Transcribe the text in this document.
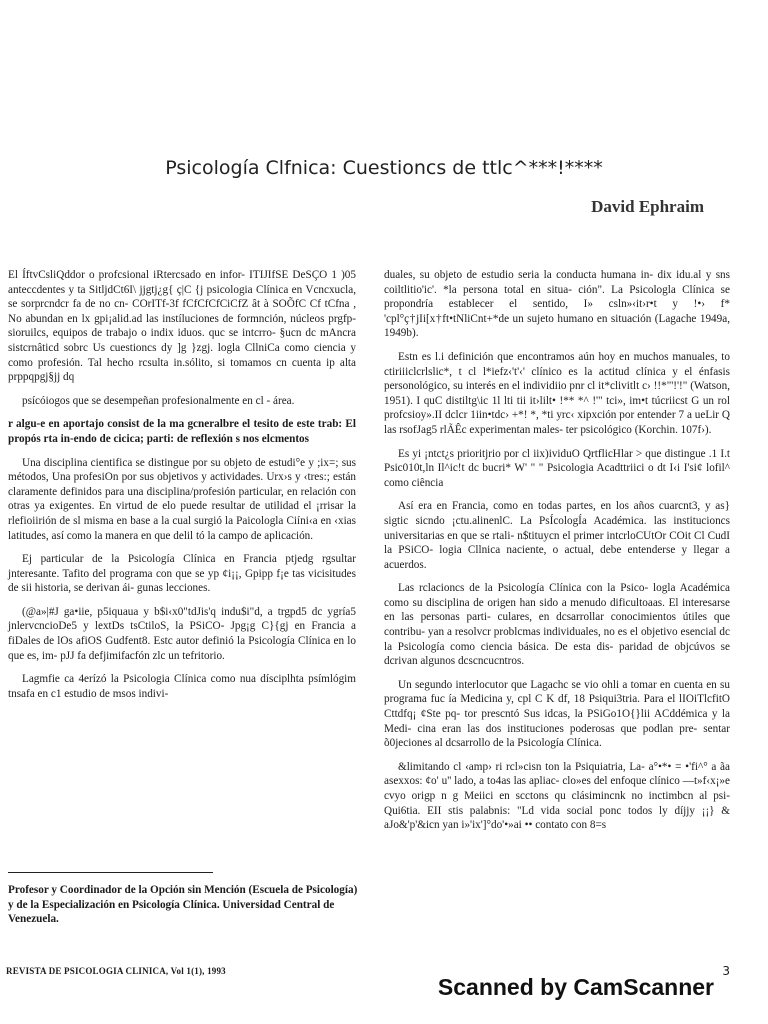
Psicología Clfnica: Cuestioncs de ttlc^***!****
David Ephraim

El ÍftvCsliQddor o profcsional iRtercsado en infor- ITIJIfSE DeSÇO 1 )05 anteccdentes y ta SitljdCt6I\ jjgtj¿g{ ç|C {j psicologia Clínica en Vcncxucla, se sorprcndcr fa de no cn- COrITf-3f fCfCfCfCiCfZ ât à SOÕfC Cf tCfna , No abundan en lx gpi¡alid.ad las instíluciones de formnción, núcleos prgfp- sioruilcs, equipos de trabajo o indix iduos. quc se intcrro- §ucn dc mAncra sistcrnâticd sobrc Us cuestioncs dy ]g }zgj. logla CllniCa como ciencia y como profesión. Tal hecho rcsulta in.sólito, si tomamos cn cuenta ip alta prppqpgj§jj dq

psícóiogos que se desempeñan profesionalmente en cl - área.

r algu-e en aportajo consist de la ma gcneralbre el tesito de este trab: El propós rta in-endo de cicica; parti: de reflexión s nos elcmentos

Una disciplina cientifica se distingue por su objeto de estudi°e y ;ix=; sus métodos, Una profesiOn por sus objetivos y actividades. Urx›s y ‹tres:; están claramente definidos para una disciplina/profesión particular, en relación con otras ya exigentes. En virtud de elo puede resultar de utilidad el ¡rrisar la rlefioiirión de sl misma en base a la cual surgió la Paicologla Ciíni‹a en ‹xias latitudes, así como la manera en que delil tó la campo de aplicación.

Ej particular de la Psicología Clínica en Francia ptjedg rgsultar jnteresante. Tafito del programa con que se yp ¢i¡¡, Gpipp f¡e tas vicisitudes de sii historia, se derivan ái- gunas lecciones.

(@a»|#J ga•iie, p5iquaua y b$i‹x0"tdJis'q indu$i"d, a trgpd5 dc ygría5 jnlervcncioDe5 y lextDs tsCtiloS, la PSiCO- Jpg¡g C}{gj en Francia a fiDales de lOs afiOS Gudfent8. Estc autor definió la Psicología Clínica en lo que es, im- pJJ fa defjimifacfón zlc un tefritorio.

Lagmfie ca 4erízó la Psicologia Clínica como nua dísciplhta psímlógim tnsafa en c1 estudio de msos indivi-

duales, su objeto de estudio seria la conducta humana in- dix idu.al y sns coiltlitio'ic'. *la persona total en situa- ción". La Psicologla Clínica se propondría establecer el sentido, I» csln»‹it›r•t y !•› f* 'cpl°ç†jIi[x†ft•tNliCnt+*de un sujeto humano en situación (Lagache 1949a, 1949b).

Estn es l.i definición que encontramos aún hoy en muchos manuales, to ctiriiiclcrlslic*, t cl l*iefz‹'t'‹' clínico es la actitud clínica y el énfasis personológico, su interés en el individiio pnr cl it*clivitlt c› !!*"'!'!" (Watson, 1951). I quC distiltg\ic 1l lti tii it›lilt• !** *^ !'" tci», im•t túcriicst G un rol profcsioy».II dclcr 1iin•tdc› +*! *, *ti yrc‹ xipxción por entender 7 a ueLir Q las rsofJag5 rlÃÊc experimentan males- ter psicológico (Korchin. 107f›).

Es yi ¡ntct¿s prioritjrio por cl iix)ividuO QrtflicHlar > que distingue .1 I.t Psic010t,ln Il^ic!t dc bucri* W' " " Psicologia Acadttriici o dt I‹i I'si¢ lofil^ como ciência

Así era en Francia, como en todas partes, en los años cuarcnt3, y as} sigtic sicndo ¡ctu.alinenlC. La PsÍcologÍa Académica. las institucioncs universitarias en que se rtali- n$tituycn el primer intcrloCUtOr COit Cl CudI la PSiCO- logia Cllnica naciente, o actual, debe entenderse y llegar a acuerdos.

Las rclacioncs de la Psicología Clínica con la Psico- logla Académica como su disciplina de origen han sido a menudo dificultoaas. El interesarse en las personas parti- culares, en dcsarrollar conocimientos útiles que contribu- yan a resolvcr problcmas individuales, no es el objetivo esencial dc la Psicología como ciencia básica. De esta dis- paridad de objcúvos se dcrivan algunos dcscncucntros.

Un segundo interlocutor que Lagachc se vio ohli a tomar en cuenta en su programa fuc ía Medicina y, cpl C K df, 18 Psiqui3tria. Para el lIOiTlcfitO Cttdfq¡ ¢Ste pq- tor prescntó Sus idcas, la PSiGo1O{}lii ACddémica y la Medi- cina eran las dos instituciones poderosas que podlan pre- sentar õ0jeciones al dcsarrollo de la Psicología Clínica.

&limitando cl ‹amp› ri rcl»cisn ton la Psiquiatria, La- a°•*• = •'fi^° a ãa asexxos: ¢o' u'' lado, a to4as las apliac- clo»es del enfoque clínico —t»f‹x¡»e cvyo origp n g Meiici en scctons qu clásimincnk no inctimbcn al psi- Qui6tia. EII stis palabnis: "Ld vida social ponc todos ly díjjy ¡¡} & aJo&'p'&icn yan i»'ix']°do'•»ai •• contato con 8=s

Profesor y Coordinador de la Opción sin Mención (Escuela de Psicología) y de la Especialización en Psicología Clínica. Universidad Central de Venezuela.
REVISTA DE PSICOLOGIA CLINICA, Vol 1(1), 1993	3
Scanned by CamScanner
